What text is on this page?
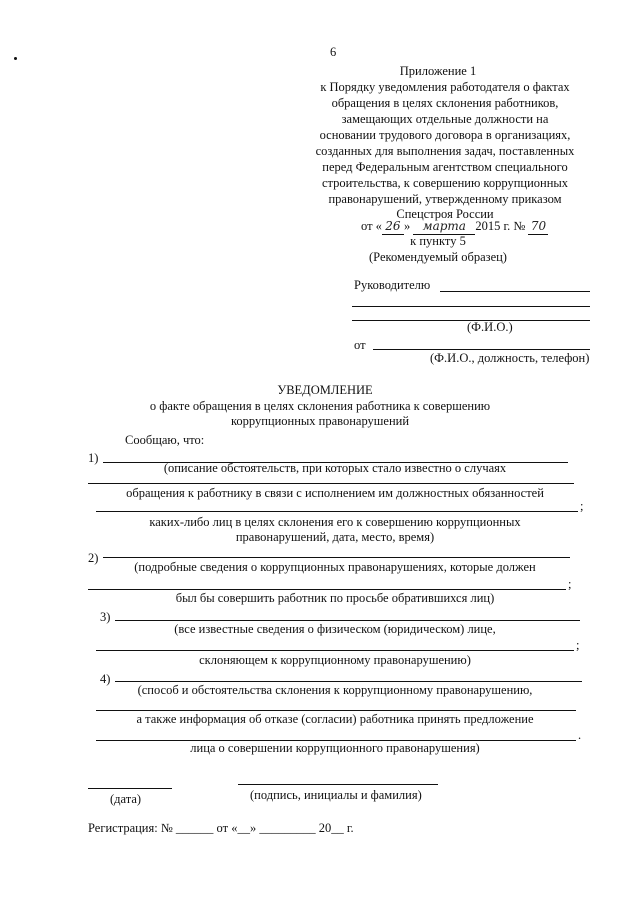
6
Приложение 1
к Порядку уведомления работодателя о фактах
обращения в целях склонения работников,
замещающих отдельные должности на
основании трудового договора в организациях,
созданных для выполнения задач, поставленных
перед Федеральным агентством специального
строительства, к совершению коррупционных
правонарушений, утвержденному приказом
Спецстроя России
от « 26 » марта 2015 г. № 70
к пункту 5
(Рекомендуемый образец)
Руководителю
(Ф.И.О.)
от
(Ф.И.О., должность, телефон)
УВЕДОМЛЕНИЕ
о факте обращения в целях склонения работника к совершению
коррупционных правонарушений
Сообщаю, что:
1)
(описание обстоятельств, при которых стало известно о случаях
обращения к работнику в связи с исполнением им должностных обязанностей
;
каких-либо лиц в целях склонения его к совершению коррупционных
правонарушений, дата, место, время)
2)
(подробные сведения о коррупционных правонарушениях, которые должен
;
был бы совершить работник по просьбе обратившихся лиц)
3)
(все известные сведения о физическом (юридическом) лице,
;
склоняющем к коррупционному правонарушению)
4)
(способ и обстоятельства склонения к коррупционному правонарушению,
а также информация об отказе (согласии) работника принять предложение
.
лица о совершении коррупционного правонарушения)
(дата)	(подпись, инициалы и фамилия)
Регистрация: № ______ от «__» _________ 20__ г.
